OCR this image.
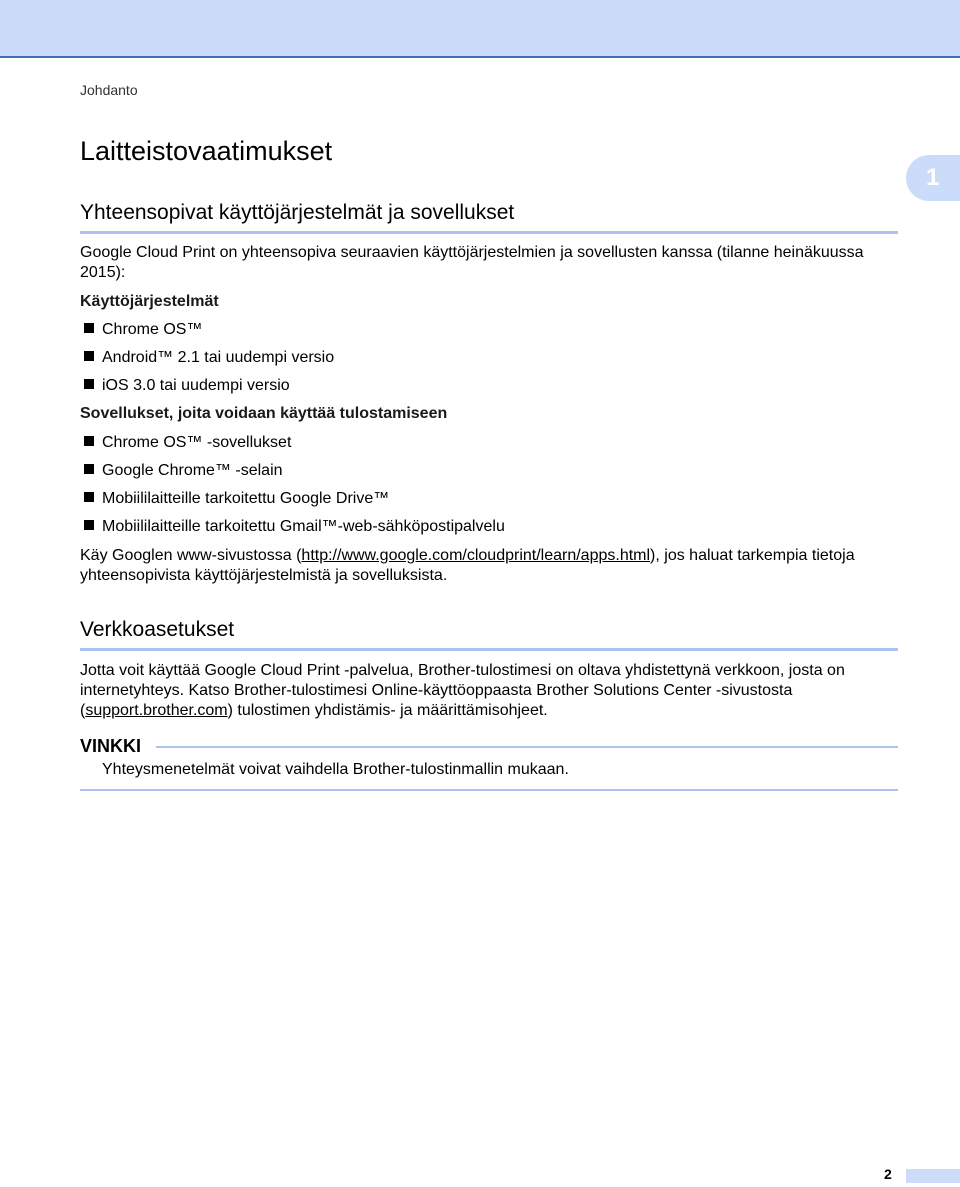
Johdanto
1
Laitteistovaatimukset
Yhteensopivat käyttöjärjestelmät ja sovellukset

Google Cloud Print on yhteensopiva seuraavien käyttöjärjestelmien ja sovellusten kanssa (tilanne heinäkuussa 2015):

Käyttöjärjestelmät
Chrome OS™
Android™ 2.1 tai uudempi versio
iOS 3.0 tai uudempi versio
Sovellukset, joita voidaan käyttää tulostamiseen
Chrome OS™ -sovellukset
Google Chrome™ -selain
Mobiililaitteille tarkoitettu Google Drive™
Mobiililaitteille tarkoitettu Gmail™-web-sähköpostipalvelu

Käy Googlen www-sivustossa (http://www.google.com/cloudprint/learn/apps.html), jos haluat tarkempia tietoja yhteensopivista käyttöjärjestelmistä ja sovelluksista.

Verkkoasetukset

Jotta voit käyttää Google Cloud Print -palvelua, Brother-tulostimesi on oltava yhdistettynä verkkoon, josta on internetyhteys. Katso Brother-tulostimesi Online-käyttöoppaasta Brother Solutions Center -sivustosta (support.brother.com) tulostimen yhdistämis- ja määrittämisohjeet.

VINKKI
Yhteysmenetelmät voivat vaihdella Brother-tulostinmallin mukaan.
2
